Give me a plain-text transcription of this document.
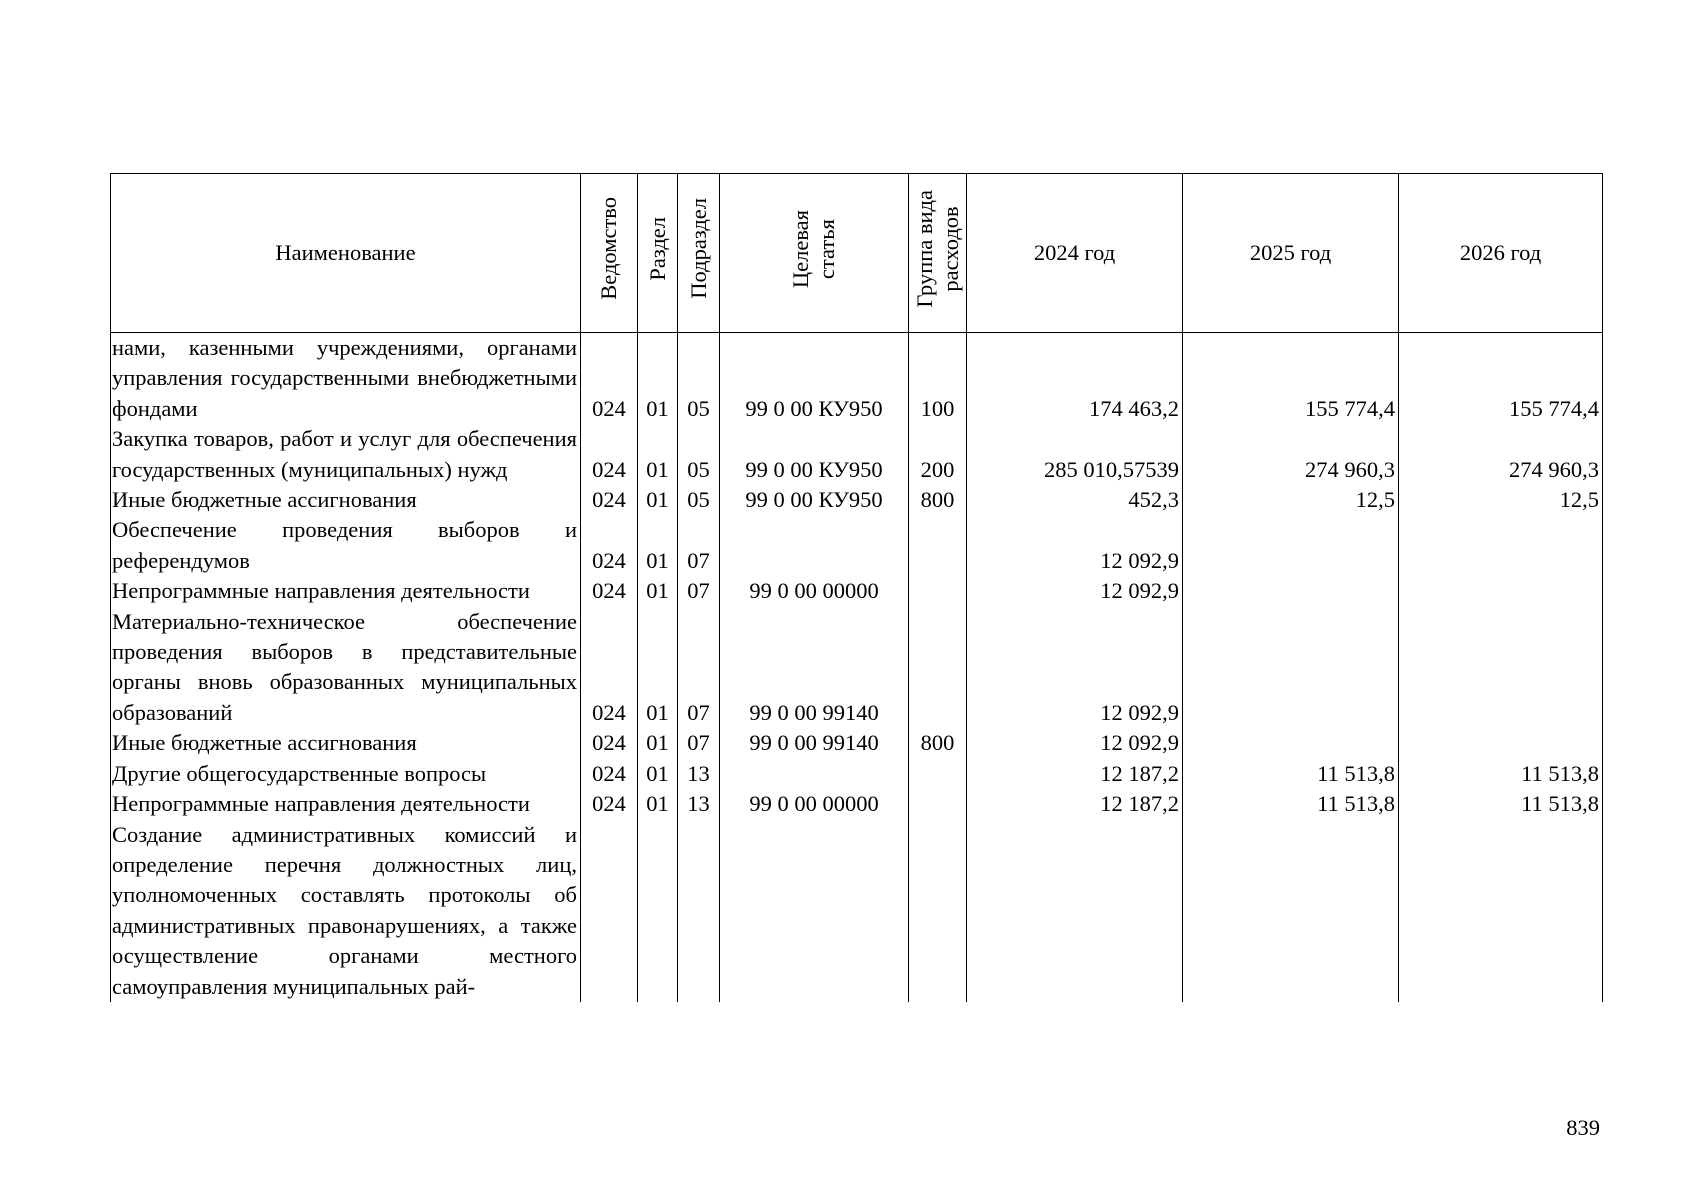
Наименование	Ведомство	Раздел	Подраздел	Целевая
статья	Группа вида
расходов	2024 год	2025 год	2026 год
нами, казенными учреждениями, органами управления государственными внебюджетными фондами	024	01	05	99 0 00 КУ950	100	174 463,2	155 774,4	155 774,4
Закупка товаров, работ и услуг для обеспечения государственных (муниципальных) нужд	024	01	05	99 0 00 КУ950	200	285 010,57539	274 960,3	274 960,3
Иные бюджетные ассигнования	024	01	05	99 0 00 КУ950	800	452,3	12,5	12,5
Обеспечение проведения выборов и референдумов	024	01	07			12 092,9		
Непрограммные направления деятельности	024	01	07	99 0 00 00000		12 092,9		
Материально-техническое обеспечение проведения выборов в представительные органы вновь образованных муниципальных образований	024	01	07	99 0 00 99140		12 092,9		
Иные бюджетные ассигнования	024	01	07	99 0 00 99140	800	12 092,9		
Другие общегосударственные вопросы	024	01	13			12 187,2	11 513,8	11 513,8
Непрограммные направления деятельности	024	01	13	99 0 00 00000		12 187,2	11 513,8	11 513,8
Создание административных комиссий и определение перечня должностных лиц, уполномоченных составлять протоколы об административных правонарушениях, а также осуществление органами местного самоуправления муниципальных рай-								
839
